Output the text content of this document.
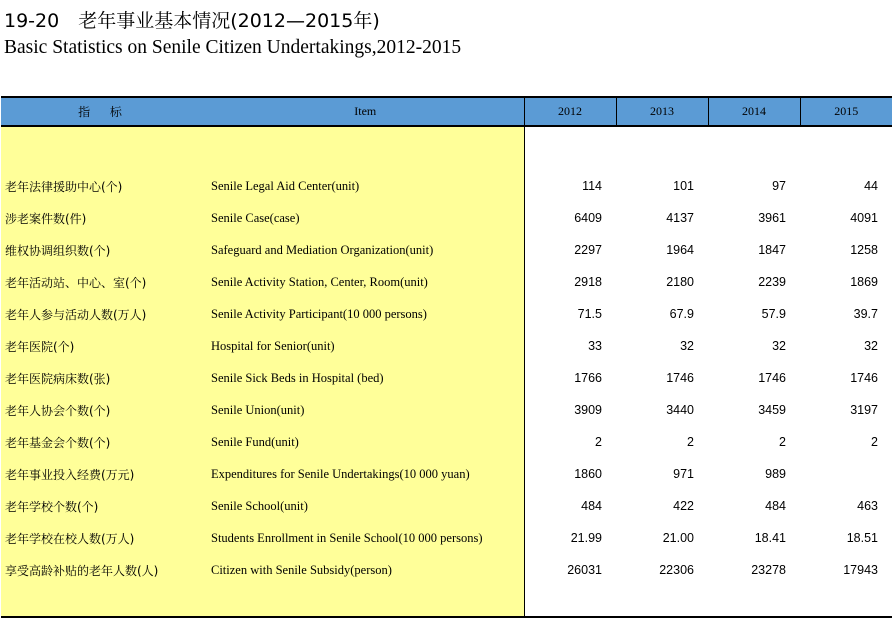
19-20　老年事业基本情况(2012—2015年)
Basic Statistics on Senile Citizen Undertakings,2012-2015
指 标	Item	2012	2013	2014	2015

老年法律援助中心(个)	Senile Legal Aid Center(unit)	114	101	97	44
涉老案件数(件)	Senile Case(case)	6409	4137	3961	4091
维权协调组织数(个)	Safeguard and Mediation Organization(unit)	2297	1964	1847	1258
老年活动站、中心、室(个)	Senile Activity Station, Center, Room(unit)	2918	2180	2239	1869
老年人参与活动人数(万人)	Senile Activity Participant(10 000 persons)	71.5	67.9	57.9	39.7
老年医院(个)	Hospital for Senior(unit)	33	32	32	32
老年医院病床数(张)	Senile Sick Beds in Hospital (bed)	1766	1746	1746	1746
老年人协会个数(个)	Senile Union(unit)	3909	3440	3459	3197
老年基金会个数(个)	Senile Fund(unit)	2	2	2	2
老年事业投入经费(万元)	Expenditures for Senile Undertakings(10 000 yuan)	1860	971	989	
老年学校个数(个)	Senile School(unit)	484	422	484	463
老年学校在校人数(万人)	Students Enrollment in Senile School(10 000 persons)	21.99	21.00	18.41	18.51
享受高龄补贴的老年人数(人)	Citizen with Senile Subsidy(person)	26031	22306	23278	17943
